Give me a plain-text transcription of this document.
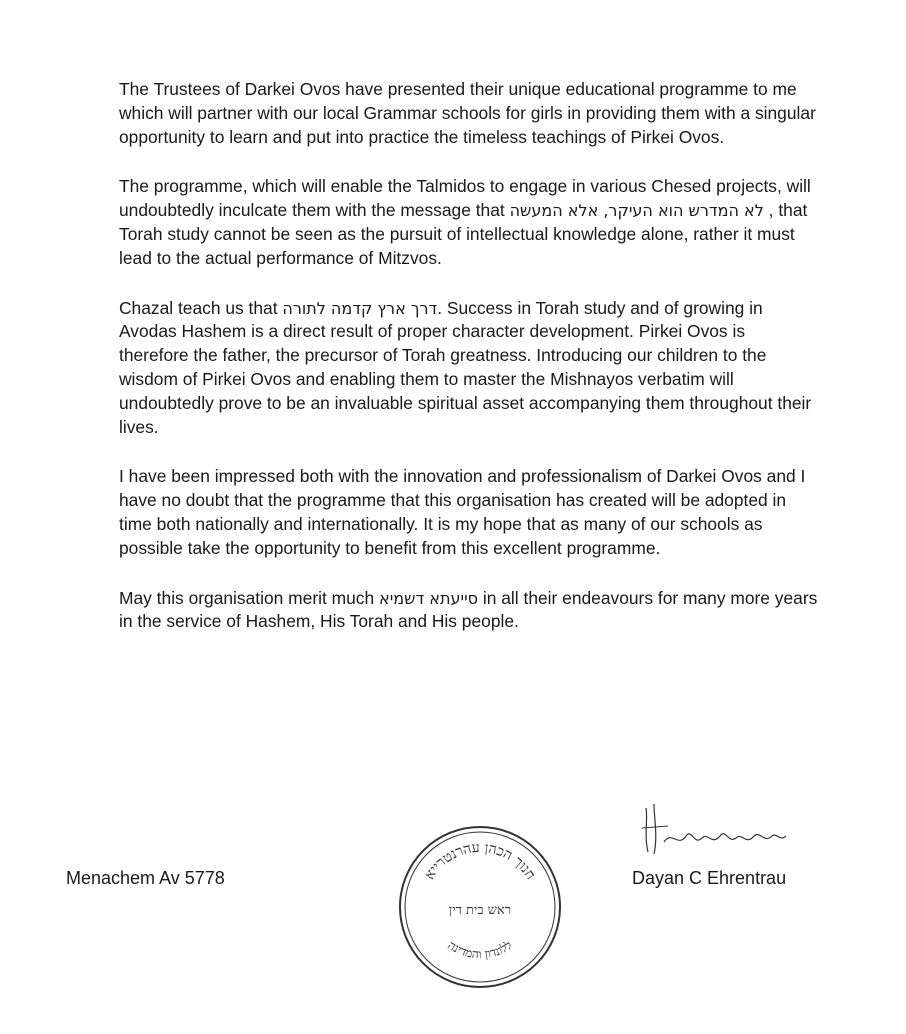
The Trustees of Darkei Ovos have presented their unique educational programme to me which will partner with our local Grammar schools for girls in providing them with a singular opportunity to learn and put into practice the timeless teachings of Pirkei Ovos.

The programme, which will enable the Talmidos to engage in various Chesed projects, will undoubtedly inculcate them with the message that לא המדרש הוא העיקר, אלא המעשה , that Torah study cannot be seen as the pursuit of intellectual knowledge alone, rather it must lead to the actual performance of Mitzvos.

Chazal teach us that דרך ארץ קדמה לתורה. Success in Torah study and of growing in Avodas Hashem is a direct result of proper character development. Pirkei Ovos is therefore the father, the precursor of Torah greatness. Introducing our children to the wisdom of Pirkei Ovos and enabling them to master the Mishnayos verbatim will undoubtedly prove to be an invaluable spiritual asset accompanying them throughout their lives.

I have been impressed both with the innovation and professionalism of Darkei Ovos and I have no doubt that the programme that this organisation has created will be adopted in time both nationally and internationally. It is my hope that as many of our schools as possible take the opportunity to benefit from this excellent programme.

May this organisation merit much סייעתא דשמיא in all their endeavours for many more years in the service of Hashem, His Torah and His people.

חנוך הכהן עהרנטרייא
ראש בית דין
ללונדון והמדינה
Menachem Av 5778	Dayan C Ehrentrau
